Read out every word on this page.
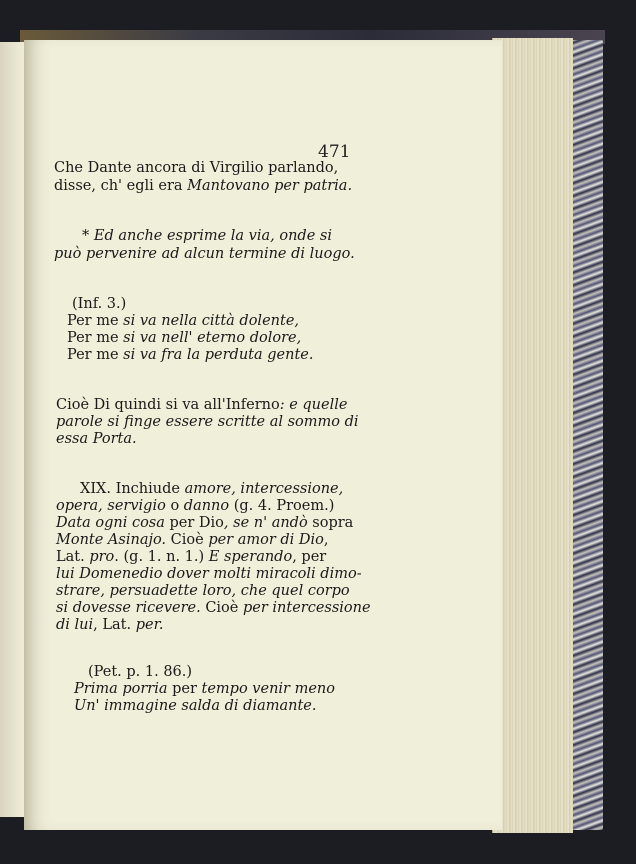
471
Che Dante ancora di Virgilio parlando,
disse, ch' egli era Mantovano per patria.
* Ed anche esprime la via, onde si
può pervenire ad alcun termine di luogo.
(Inf. 3.)
Per me si va nella città dolente,
Per me si va nell' eterno dolore,
Per me si va fra la perduta gente.
Cioè Di quindi si va all'Inferno: e quelle
parole si finge essere scritte al sommo di
essa Porta.
XIX. Inchiude amore, intercessione,
opera, servigio o danno (g. 4. Proem.)
Data ogni cosa per Dio, se n' andò sopra
Monte Asinajo. Cioè per amor di Dio,
Lat. pro. (g. 1. n. 1.) E sperando, per
lui Domenedio dover molti miracoli dimo-
strare, persuadette loro, che quel corpo
si dovesse ricevere. Cioè per intercessione
di lui, Lat. per.
(Pet. p. 1. 86.)
Prima porria per tempo venir meno
Un' immagine salda di diamante.
